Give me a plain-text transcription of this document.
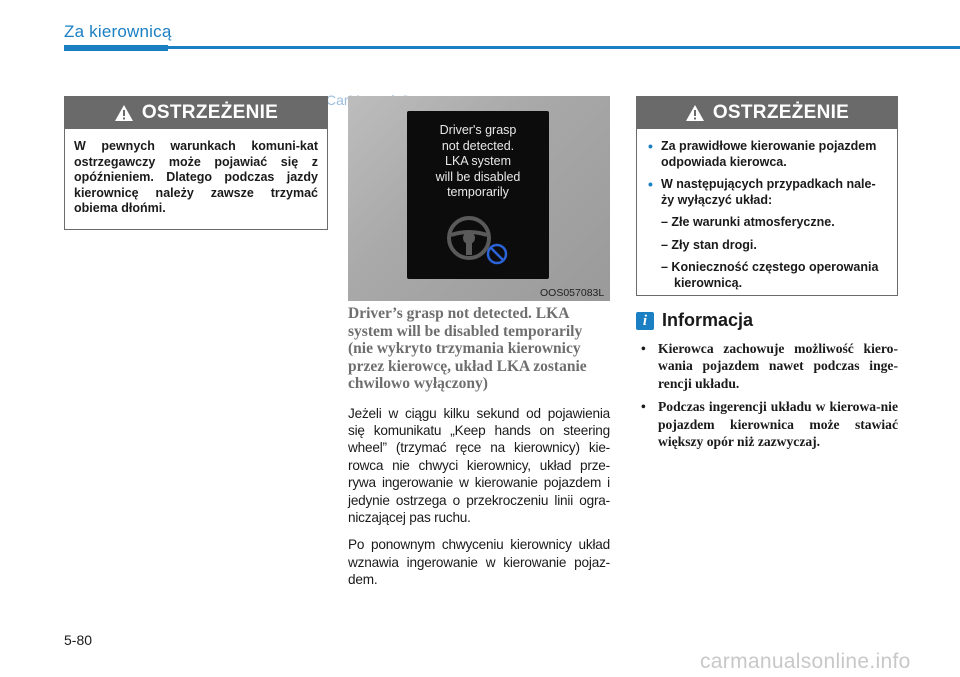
Za kierownicą
OSTRZEŻENIE
W pewnych warunkach komuni-kat ostrzegawczy może pojawiać się z opóźnieniem. Dlatego podczas jazdy kierownicę należy zawsze trzymać obiema dłońmi.
Driver's grasp
not detected.
LKA system
will be disabled
temporarily
OOS057083L
Driver’s grasp not detected. LKA system will be disabled temporarily (nie wykryto trzymania kierownicy przez kierowcę, układ LKA zostanie chwilowo wyłączony)

Jeżeli w ciągu kilku sekund od pojawienia się komunikatu „Keep hands on steering wheel” (trzymać ręce na kierownicy) kie-rowca nie chwyci kierownicy, układ prze-rywa ingerowanie w kierowanie pojazdem i jedynie ostrzega o przekroczeniu linii ogra-niczającej pas ruchu.

Po ponownym chwyceniu kierownicy układ wznawia ingerowanie w kierowanie pojaz-dem.

OSTRZEŻENIE
• Za prawidłowe kierowanie pojazdem odpowiada kierowca.
• W następujących przypadkach nale-ży wyłączyć układ:
– Złe warunki atmosferyczne.
– Zły stan drogi.
– Konieczność częstego operowania kierownicą.
i Informacja
• Kierowca zachowuje możliwość kiero-wania pojazdem nawet podczas inge-rencji układu.
• Podczas ingerencji układu w kierowa-nie pojazdem kierownica może stawiać większy opór niż zazwyczaj.
5-80
carmanualsonline.info
